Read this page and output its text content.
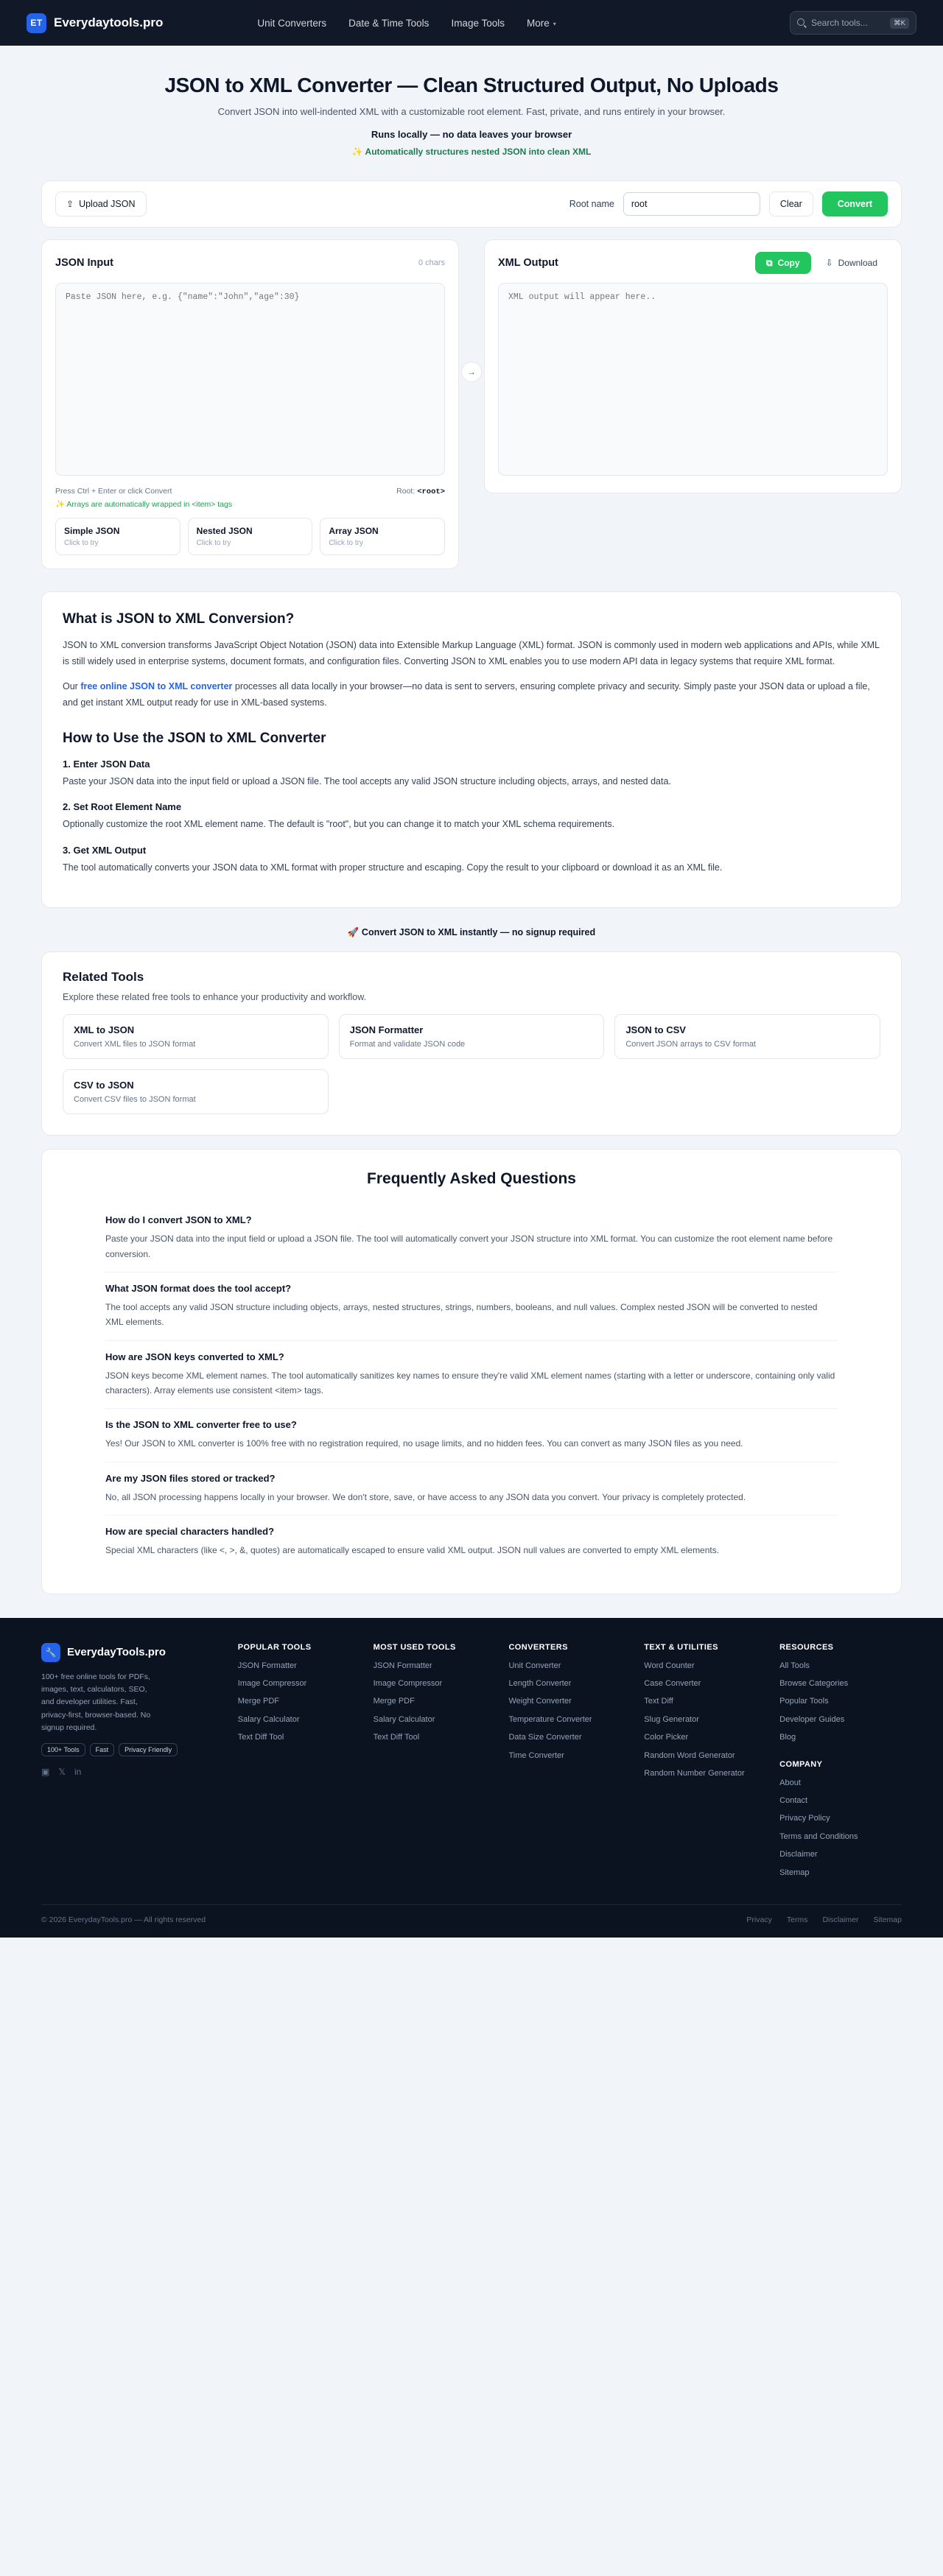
ET Everydaytools.pro	Unit Converters Date & Time Tools Image Tools More ▾	Search tools...	⌘K
JSON to XML Converter — Clean Structured Output, No Uploads
Convert JSON into well-indented XML with a customizable root element. Fast, private, and runs entirely in your browser.
Runs locally — no data leaves your browser
✨ Automatically structures nested JSON into clean XML
⇪ Upload JSON	Root name
root	Clear	Convert
JSON Input	0 chars
Paste JSON here, e.g. {"name":"John","age":30}
Press Ctrl + Enter or click Convert
✨ Arrays are automatically wrapped in <item> tags
Root: <root>
Simple JSON
Click to try
Nested JSON
Click to try
Array JSON
Click to try
→
XML Output	⧉ Copy	⇩ Download
XML output will appear here..
What is JSON to XML Conversion?

JSON to XML conversion transforms JavaScript Object Notation (JSON) data into Extensible Markup Language (XML) format. JSON is commonly used in modern web applications and APIs, while XML is still widely used in enterprise systems, document formats, and configuration files. Converting JSON to XML enables you to use modern API data in legacy systems that require XML format.

Our free online JSON to XML converter processes all data locally in your browser—no data is sent to servers, ensuring complete privacy and security. Simply paste your JSON data or upload a file, and get instant XML output ready for use in XML-based systems.

How to Use the JSON to XML Converter
1. Enter JSON Data

Paste your JSON data into the input field or upload a JSON file. The tool accepts any valid JSON structure including objects, arrays, and nested data.

2. Set Root Element Name

Optionally customize the root XML element name. The default is "root", but you can change it to match your XML schema requirements.

3. Get XML Output

The tool automatically converts your JSON data to XML format with proper structure and escaping. Copy the result to your clipboard or download it as an XML file.

🚀 Convert JSON to XML instantly — no signup required
Related Tools
Explore these related free tools to enhance your productivity and workflow.
XML to JSON
Convert XML files to JSON format
JSON Formatter
Format and validate JSON code
JSON to CSV
Convert JSON arrays to CSV format
CSV to JSON
Convert CSV files to JSON format
Frequently Asked Questions
How do I convert JSON to XML?
Paste your JSON data into the input field or upload a JSON file. The tool will automatically convert your JSON structure into XML format. You can customize the root element name before conversion.
What JSON format does the tool accept?
The tool accepts any valid JSON structure including objects, arrays, nested structures, strings, numbers, booleans, and null values. Complex nested JSON will be converted to nested XML elements.
How are JSON keys converted to XML?
JSON keys become XML element names. The tool automatically sanitizes key names to ensure they're valid XML element names (starting with a letter or underscore, containing only valid characters). Array elements use consistent <item> tags.
Is the JSON to XML converter free to use?
Yes! Our JSON to XML converter is 100% free with no registration required, no usage limits, and no hidden fees. You can convert as many JSON files as you need.
Are my JSON files stored or tracked?
No, all JSON processing happens locally in your browser. We don't store, save, or have access to any JSON data you convert. Your privacy is completely protected.
How are special characters handled?
Special XML characters (like <, >, &, quotes) are automatically escaped to ensure valid XML output. JSON null values are converted to empty XML elements.
🔧 EverydayTools.pro
100+ free online tools for PDFs, images, text, calculators, SEO, and developer utilities. Fast, privacy-first, browser-based. No signup required.
100+ Tools	Fast	Privacy Friendly
▣ 𝕏 in
POPULAR TOOLS
JSON Formatter
Image Compressor
Merge PDF
Salary Calculator
Text Diff Tool
MOST USED TOOLS
JSON Formatter
Image Compressor
Merge PDF
Salary Calculator
Text Diff Tool
CONVERTERS
Unit Converter
Length Converter
Weight Converter
Temperature Converter
Data Size Converter
Time Converter
TEXT & UTILITIES
Word Counter
Case Converter
Text Diff
Slug Generator
Color Picker
Random Word Generator
Random Number Generator
RESOURCES
All Tools
Browse Categories
Popular Tools
Developer Guides
Blog
COMPANY
About
Contact
Privacy Policy
Terms and Conditions
Disclaimer
Sitemap
© 2026 EverydayTools.pro — All rights reserved	Privacy Terms Disclaimer Sitemap
